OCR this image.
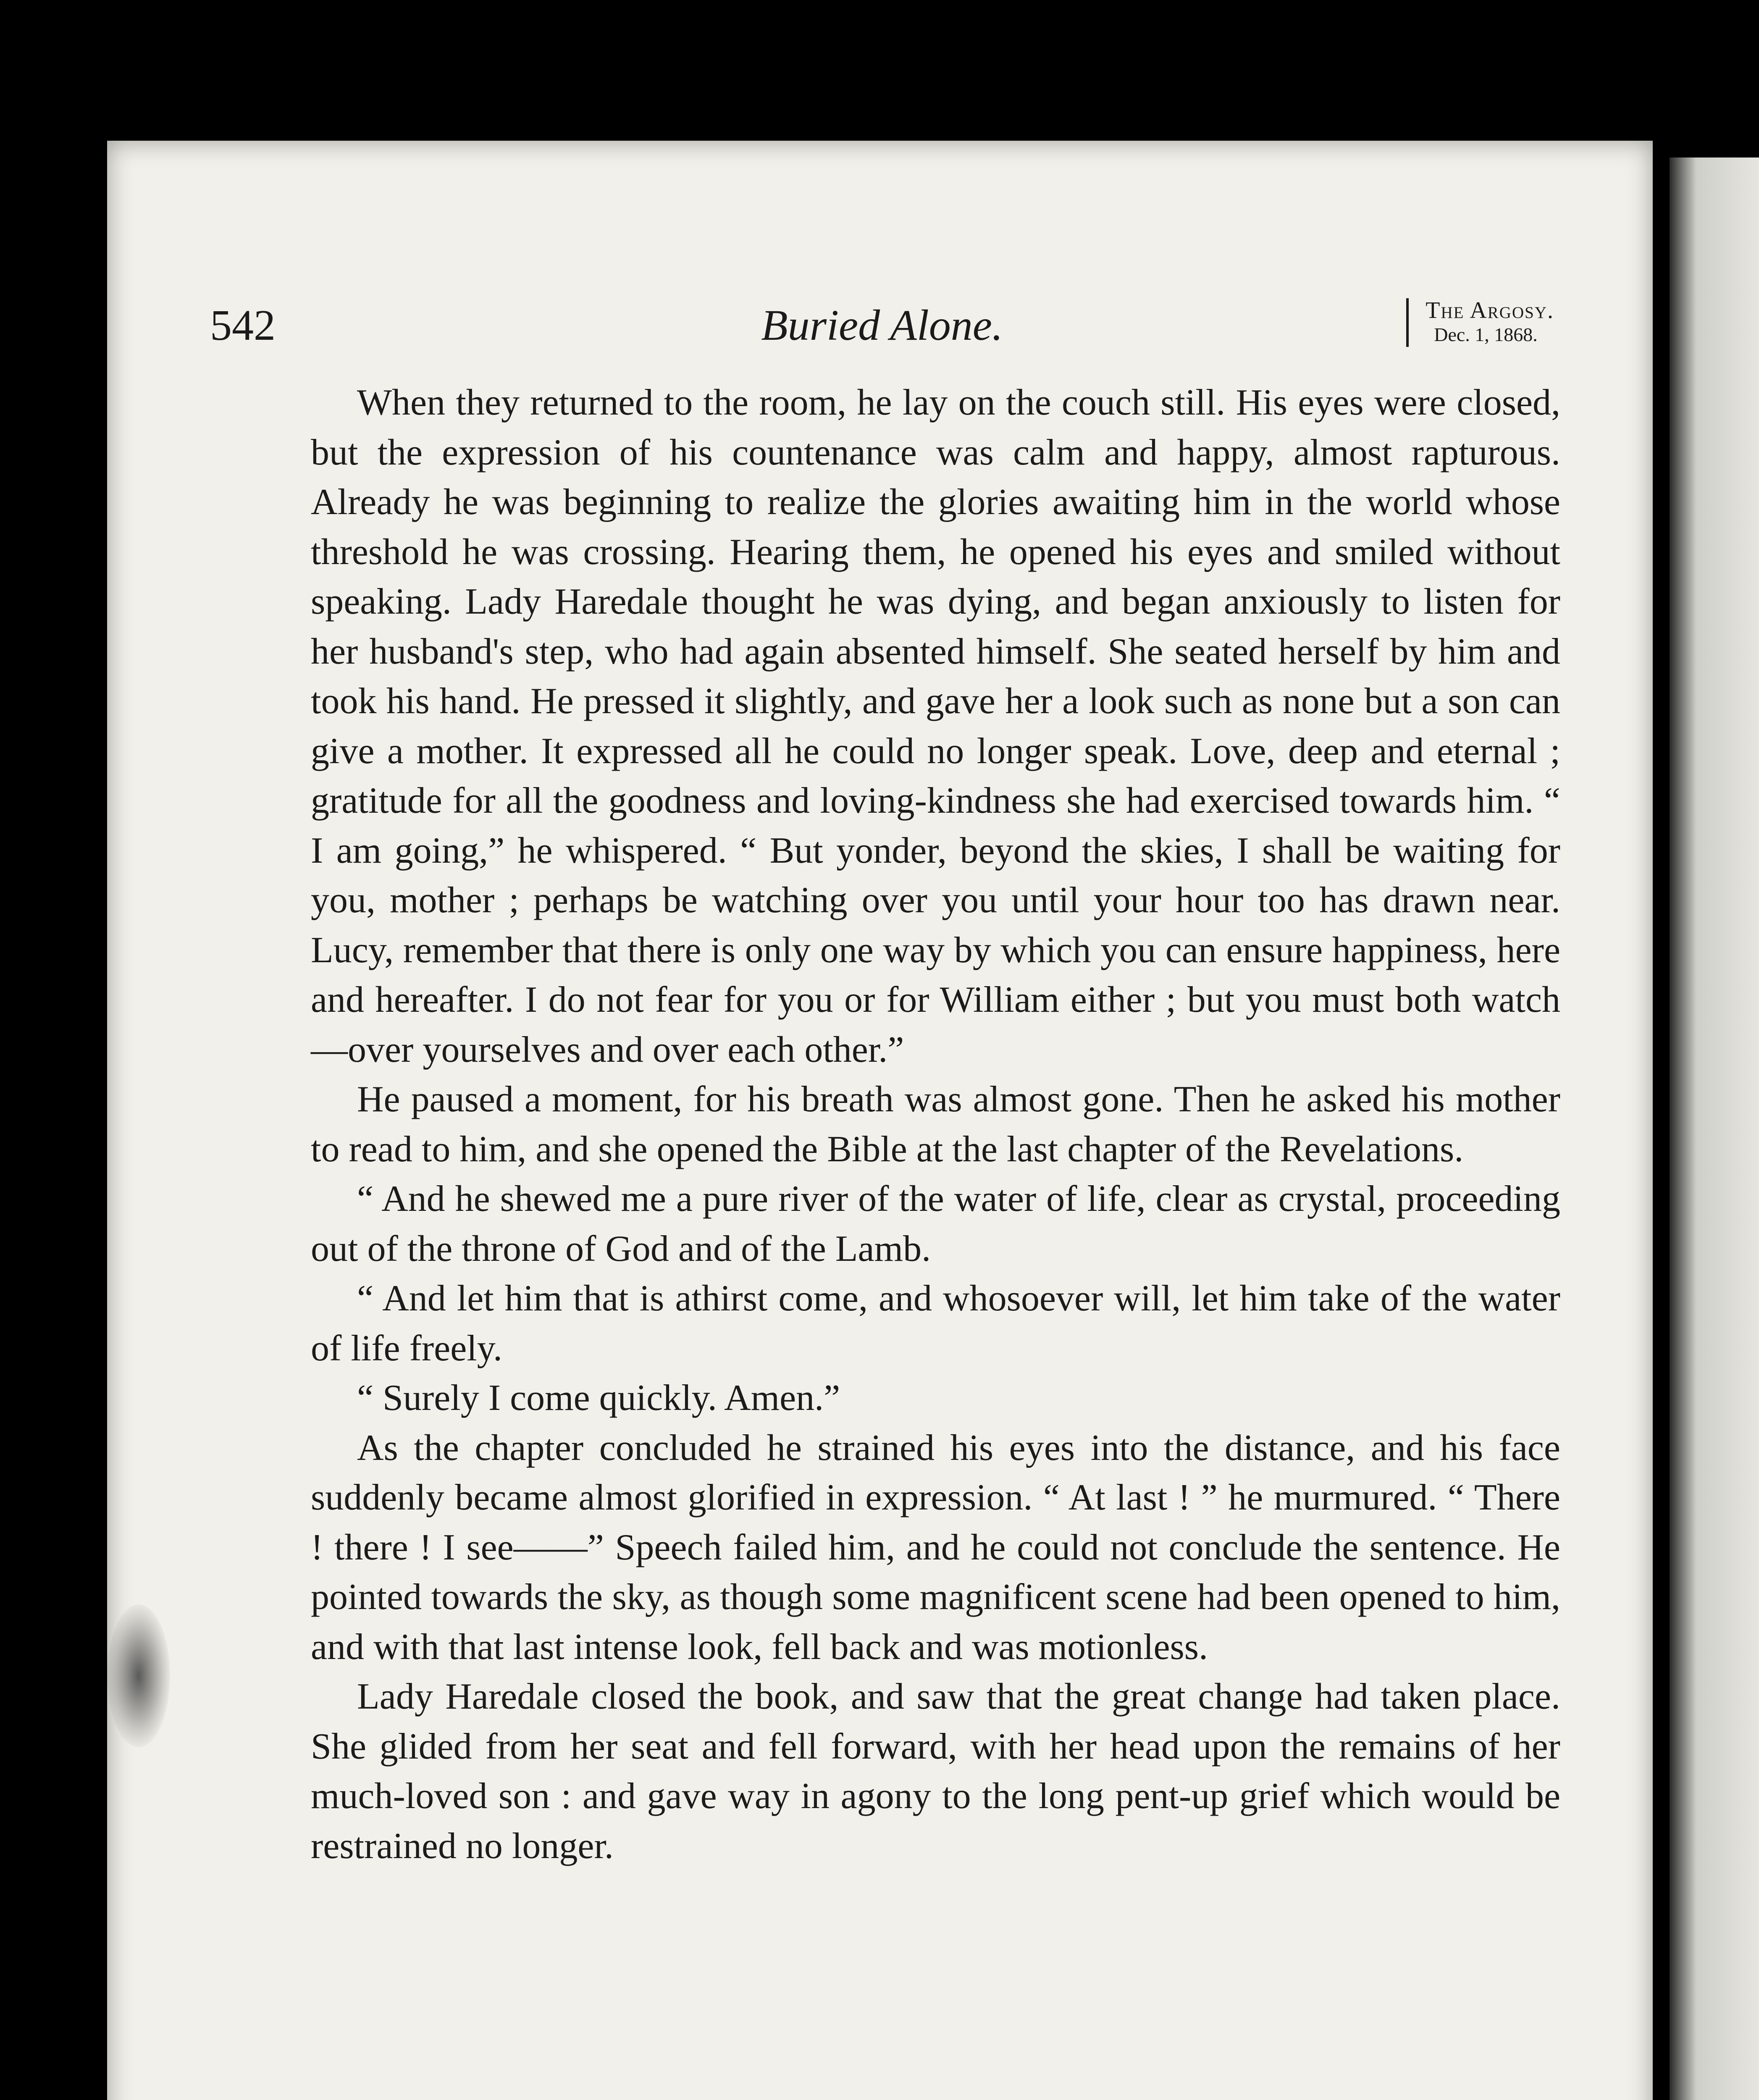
542	Buried Alone.	The Argosy.
Dec. 1, 1868.

When they returned to the room, he lay on the couch still. His eyes were closed, but the expression of his countenance was calm and happy, almost rapturous. Already he was beginning to realize the glories awaiting him in the world whose threshold he was crossing. Hearing them, he opened his eyes and smiled without speaking. Lady Haredale thought he was dying, and began anxiously to listen for her husband's step, who had again absented himself. She seated herself by him and took his hand. He pressed it slightly, and gave her a look such as none but a son can give a mother. It expressed all he could no longer speak. Love, deep and eternal ; gratitude for all the goodness and loving-kindness she had exercised towards him. “ I am going,” he whispered. “ But yonder, beyond the skies, I shall be waiting for you, mother ; perhaps be watching over you until your hour too has drawn near. Lucy, remember that there is only one way by which you can ensure happiness, here and hereafter. I do not fear for you or for William either ; but you must both watch—over yourselves and over each other.”

He paused a moment, for his breath was almost gone. Then he asked his mother to read to him, and she opened the Bible at the last chapter of the Revelations.

“ And he shewed me a pure river of the water of life, clear as crystal, proceeding out of the throne of God and of the Lamb.

“ And let him that is athirst come, and whosoever will, let him take of the water of life freely.

“ Surely I come quickly. Amen.”

As the chapter concluded he strained his eyes into the distance, and his face suddenly became almost glorified in expression. “ At last ! ” he murmured. “ There ! there ! I see——” Speech failed him, and he could not conclude the sentence. He pointed towards the sky, as though some magnificent scene had been opened to him, and with that last intense look, fell back and was motionless.

Lady Haredale closed the book, and saw that the great change had taken place. She glided from her seat and fell forward, with her head upon the remains of her much-loved son : and gave way in agony to the long pent-up grief which would be restrained no longer.
